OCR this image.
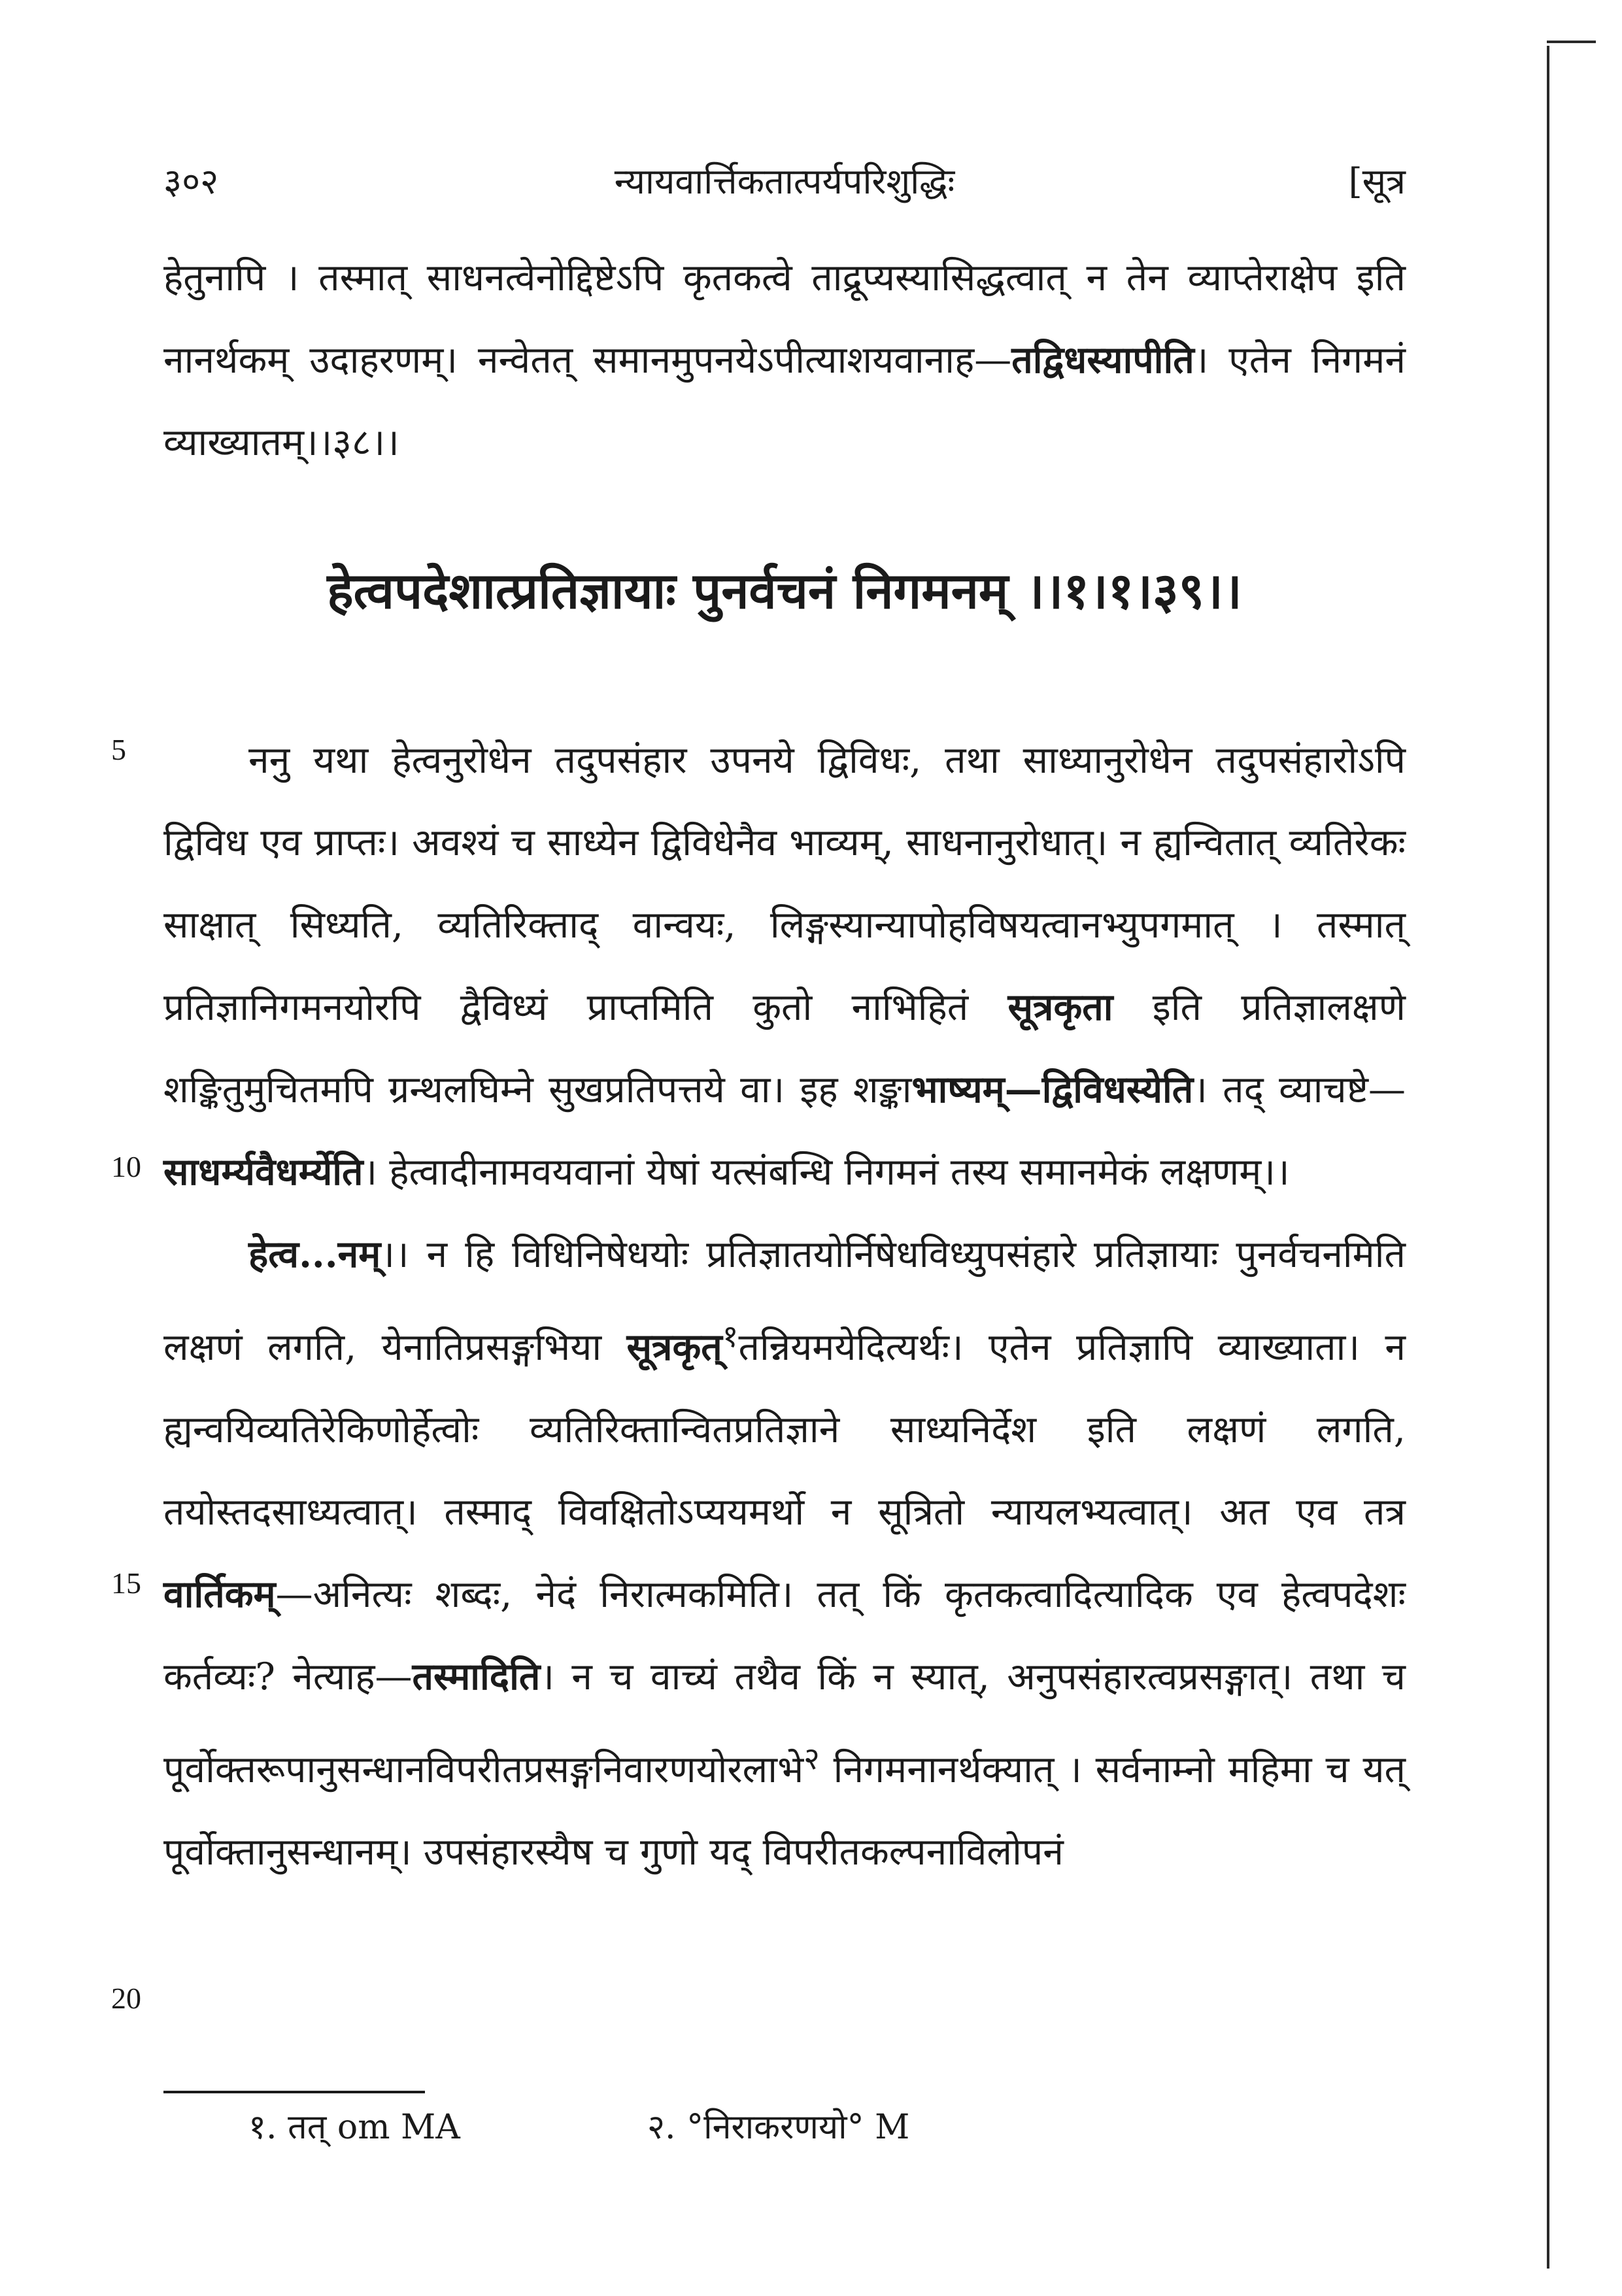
३०२	न्यायवार्त्तिकतात्पर्यपरिशुद्धिः	[सूत्र

हेतुनापि । तस्मात् साधनत्वेनोद्दिष्टेऽपि कृतकत्वे ताद्रूप्यस्यासिद्धत्वात् न तेन व्याप्तेराक्षेप इति नानर्थकम् उदाहरणम्। नन्वेतत् समानमुपनयेऽपीत्याशयवानाह—तद्विधस्यापीति। एतेन निगमनं व्याख्यातम्।।३८।।

हेत्वपदेशात्प्रतिज्ञायाः पुनर्वचनं निगमनम् ।।१।१।३९।।
5
10
15
20

ननु यथा हेत्वनुरोधेन तदुपसंहार उपनये द्विविधः, तथा साध्यानुरोधेन तदुपसंहारोऽपि द्विविध एव प्राप्तः। अवश्यं च साध्येन द्विविधेनैव भाव्यम्, साधनानुरोधात्। न ह्यन्वितात् व्यतिरेकः साक्षात् सिध्यति, व्यतिरिक्ताद् वान्वयः, लिङ्गस्यान्यापोहविषयत्वानभ्युपगमात् । तस्मात् प्रतिज्ञानिगमनयोरपि द्वैविध्यं प्राप्तमिति कुतो नाभिहितं सूत्रकृता इति प्रतिज्ञालक्षणे शङ्कितुमुचितमपि ग्रन्थलघिम्ने सुखप्रतिपत्तये वा। इह शङ्काभाष्यम्—द्विविधस्येति। तद् व्याचष्टे—साधर्म्यवैधर्म्येति। हेत्वादीनामवयवानां येषां यत्संबन्धि निगमनं तस्य समानमेकं लक्षणम्।।

हेत्व...नम्।। न हि विधिनिषेधयोः प्रतिज्ञातयोर्निषेधविध्युपसंहारे प्रतिज्ञायाः पुनर्वचनमिति लक्षणं लगति, येनातिप्रसङ्गभिया सूत्रकृत्$^१$तन्नियमयेदित्यर्थः। एतेन प्रतिज्ञापि व्याख्याता। न ह्यन्वयिव्यतिरेकिणोर्हेत्वोः व्यतिरिक्तान्वितप्रतिज्ञाने साध्यनिर्देश इति लक्षणं लगति, तयोस्तदसाध्यत्वात्। तस्माद् विवक्षितोऽप्ययमर्थो न सूत्रितो न्यायलभ्यत्वात्। अत एव तत्र वार्तिकम्—अनित्यः शब्दः, नेदं निरात्मकमिति। तत् किं कृतकत्वादित्यादिक एव हेत्वपदेशः कर्तव्यः? नेत्याह—तस्मादिति। न च वाच्यं तथैव किं न स्यात्, अनुपसंहारत्वप्रसङ्गात्। तथा च पूर्वोक्तरूपानुसन्धानविपरीतप्रसङ्गनिवारणयोरलाभे$^२$ निगमनानर्थक्यात् । सर्वनाम्नो महिमा च यत् पूर्वोक्तानुसन्धानम्। उपसंहारस्यैष च गुणो यद् विपरीतकल्पनाविलोपनं

१. तत् om MA	२. °निराकरणयो° M
